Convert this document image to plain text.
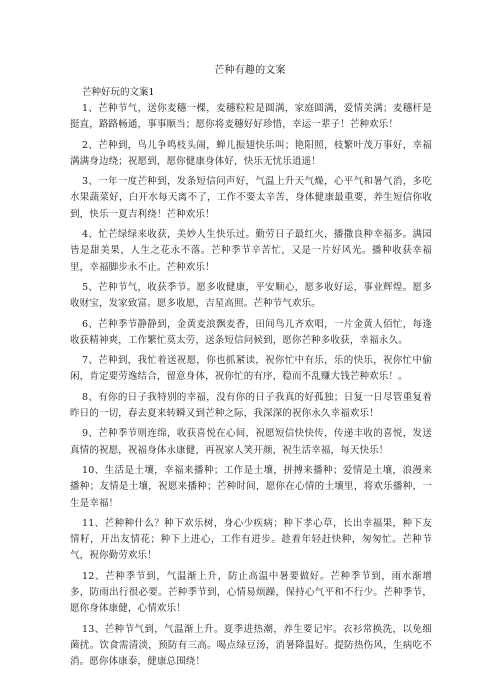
芒种有趣的文案
芒种好玩的文案1

1、芒种节气，送你麦穗一棵，麦穗粒粒是圆满，家庭圆满，爱情美满；麦穗杆是挺直，路路畅通，事事顺当；愿你将麦穗好好珍惜，幸运一辈子！芒种欢乐！

2、芒种到，鸟儿争鸣枝头闹，蝉儿振翅快乐叫；艳阳照，枝繁叶茂万事好，幸福满满身边绕；祝愿到，愿你健康身体好，快乐无忧乐逍遥！

3、一年一度芒种到，发条短信问声好，气温上升天气燥，心平气和暑气消，多吃水果蔬菜好，白开水每天离不了，工作不要太辛苦，身体健康最重要，养生短信你收到，快乐一夏吉利绕！芒种欢乐！

4、忙芒绿绿来收获，美妙人生快乐过。勤劳日子最红火，播撒良种幸福多。满园皆是甜美果，人生之花永不落。芒种季节辛苦忙，又是一片好风光。播种收获幸福里，幸福脚步永不止。芒种欢乐！

5、芒种节气，收获季节。愿多收健康，平安顺心，愿多收好运，事业辉煌。愿多收财宝，发家致富。愿多收愿，吉星高照。芒种节气欢乐。

6、芒种季节静静到，金黄麦浪飘麦香，田间鸟儿齐欢唱，一片金黄人佰忙，每逢收获精神爽，工作繁忙莫太劳，送条短信问候到，愿你芒种多收获，幸福永久。

7、芒种到，我忙着送祝愿，你也抓紧读，祝你忙中有乐，乐的快乐，祝你忙中偷闲，肯定要劳逸结合，留意身体，祝你忙的有序，稳而不乱赚大钱芒种欢乐！。

8、有你的日子我特别的幸福，没有你的日子我真的好孤独；日复一日尽管重复着昨日的一切，春去夏来转瞬又到芒种之际，我深深的祝你永久幸福欢乐！

9、芒种季节则连绵，收获喜悦在心间，祝愿短信快快传，传递丰收的喜悦，发送真情的祝愿，祝福身体永康健，再祝家人笑开颜，祝生活幸福，每天快乐！

10、生活是土壤，幸福来播种；工作是土壤，拼搏来播种；爱情是土壤，浪漫来播种；友情是土壤，祝愿来播种；芒种时间，愿你在心情的土壤里，将欢乐播种，一生是幸福！

11、芒种种什么？种下欢乐树，身心少疾病；种下孝心草，长出幸福果，种下友情籽，开出友情花；种下上进心，工作有进步。趁着年轻赶快种，匆匆忙。芒种节气，祝你勤劳欢乐！

12、芒种季节到，气温渐上升，防止高温中暑要做好。芒种季节到，雨水渐增多，防雨出行很必要。芒种季节到，心情易烦躁，保持心气平和不行少。芒种季节，愿你身体康健，心情欢乐！

13、芒种节气到，气温渐上升。夏季进热潮，养生要记牢。衣衫常换洗，以免细菌扰。饮食需清淡，预防有三高。喝点绿豆汤，消暑降温好。提防热伤风，生病吃不消。愿你体康泰，健康总围绕！
